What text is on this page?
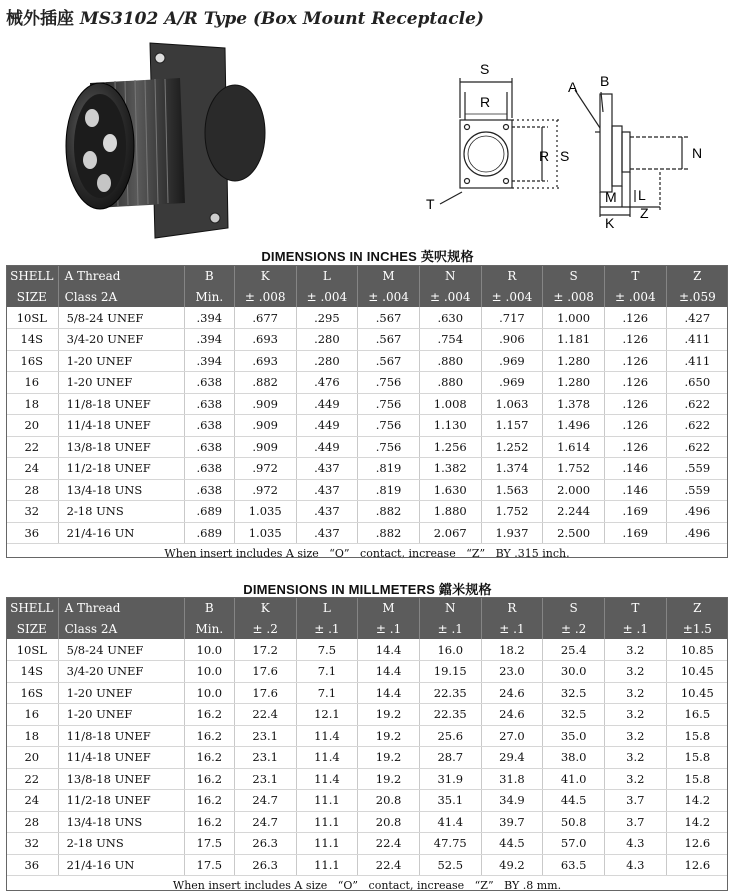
械外插座 MS3102 A/R Type (Box Mount Receptacle)
S
R
R S
T
A B
N
M L
K
Z
DIMENSIONS IN INCHES 英呎规格
SHELL	A Thread	B	K	L	M	N	R	S	T	Z
SIZE	Class 2A	Min.	± .008	± .004	± .004	± .004	± .004	± .008	± .004	±.059
10SL	5/8-24 UNEF	.394	.677	.295	.567	.630	.717	1.000	.126	.427
14S	3/4-20 UNEF	.394	.693	.280	.567	.754	.906	1.181	.126	.411
16S	1-20 UNEF	.394	.693	.280	.567	.880	.969	1.280	.126	.411
16	1-20 UNEF	.638	.882	.476	.756	.880	.969	1.280	.126	.650
18	11/8-18 UNEF	.638	.909	.449	.756	1.008	1.063	1.378	.126	.622
20	11/4-18 UNEF	.638	.909	.449	.756	1.130	1.157	1.496	.126	.622
22	13/8-18 UNEF	.638	.909	.449	.756	1.256	1.252	1.614	.126	.622
24	11/2-18 UNEF	.638	.972	.437	.819	1.382	1.374	1.752	.146	.559
28	13/4-18 UNS	.638	.972	.437	.819	1.630	1.563	2.000	.146	.559
32	2-18 UNS	.689	1.035	.437	.882	1.880	1.752	2.244	.169	.496
36	21/4-16 UN	.689	1.035	.437	.882	2.067	1.937	2.500	.169	.496
When insert includes A size   “O”   contact, increase   “Z”   BY .315 inch.										
DIMENSIONS IN MILLMETERS 鐺米规格
SHELL	A Thread	B	K	L	M	N	R	S	T	Z
SIZE	Class 2A	Min.	± .2	± .1	± .1	± .1	± .1	± .2	± .1	±1.5
10SL	5/8-24 UNEF	10.0	17.2	7.5	14.4	16.0	18.2	25.4	3.2	10.85
14S	3/4-20 UNEF	10.0	17.6	7.1	14.4	19.15	23.0	30.0	3.2	10.45
16S	1-20 UNEF	10.0	17.6	7.1	14.4	22.35	24.6	32.5	3.2	10.45
16	1-20 UNEF	16.2	22.4	12.1	19.2	22.35	24.6	32.5	3.2	16.5
18	11/8-18 UNEF	16.2	23.1	11.4	19.2	25.6	27.0	35.0	3.2	15.8
20	11/4-18 UNEF	16.2	23.1	11.4	19.2	28.7	29.4	38.0	3.2	15.8
22	13/8-18 UNEF	16.2	23.1	11.4	19.2	31.9	31.8	41.0	3.2	15.8
24	11/2-18 UNEF	16.2	24.7	11.1	20.8	35.1	34.9	44.5	3.7	14.2
28	13/4-18 UNS	16.2	24.7	11.1	20.8	41.4	39.7	50.8	3.7	14.2
32	2-18 UNS	17.5	26.3	11.1	22.4	47.75	44.5	57.0	4.3	12.6
36	21/4-16 UN	17.5	26.3	11.1	22.4	52.5	49.2	63.5	4.3	12.6
When insert includes A size   “O”   contact, increase   “Z”   BY .8 mm.										
